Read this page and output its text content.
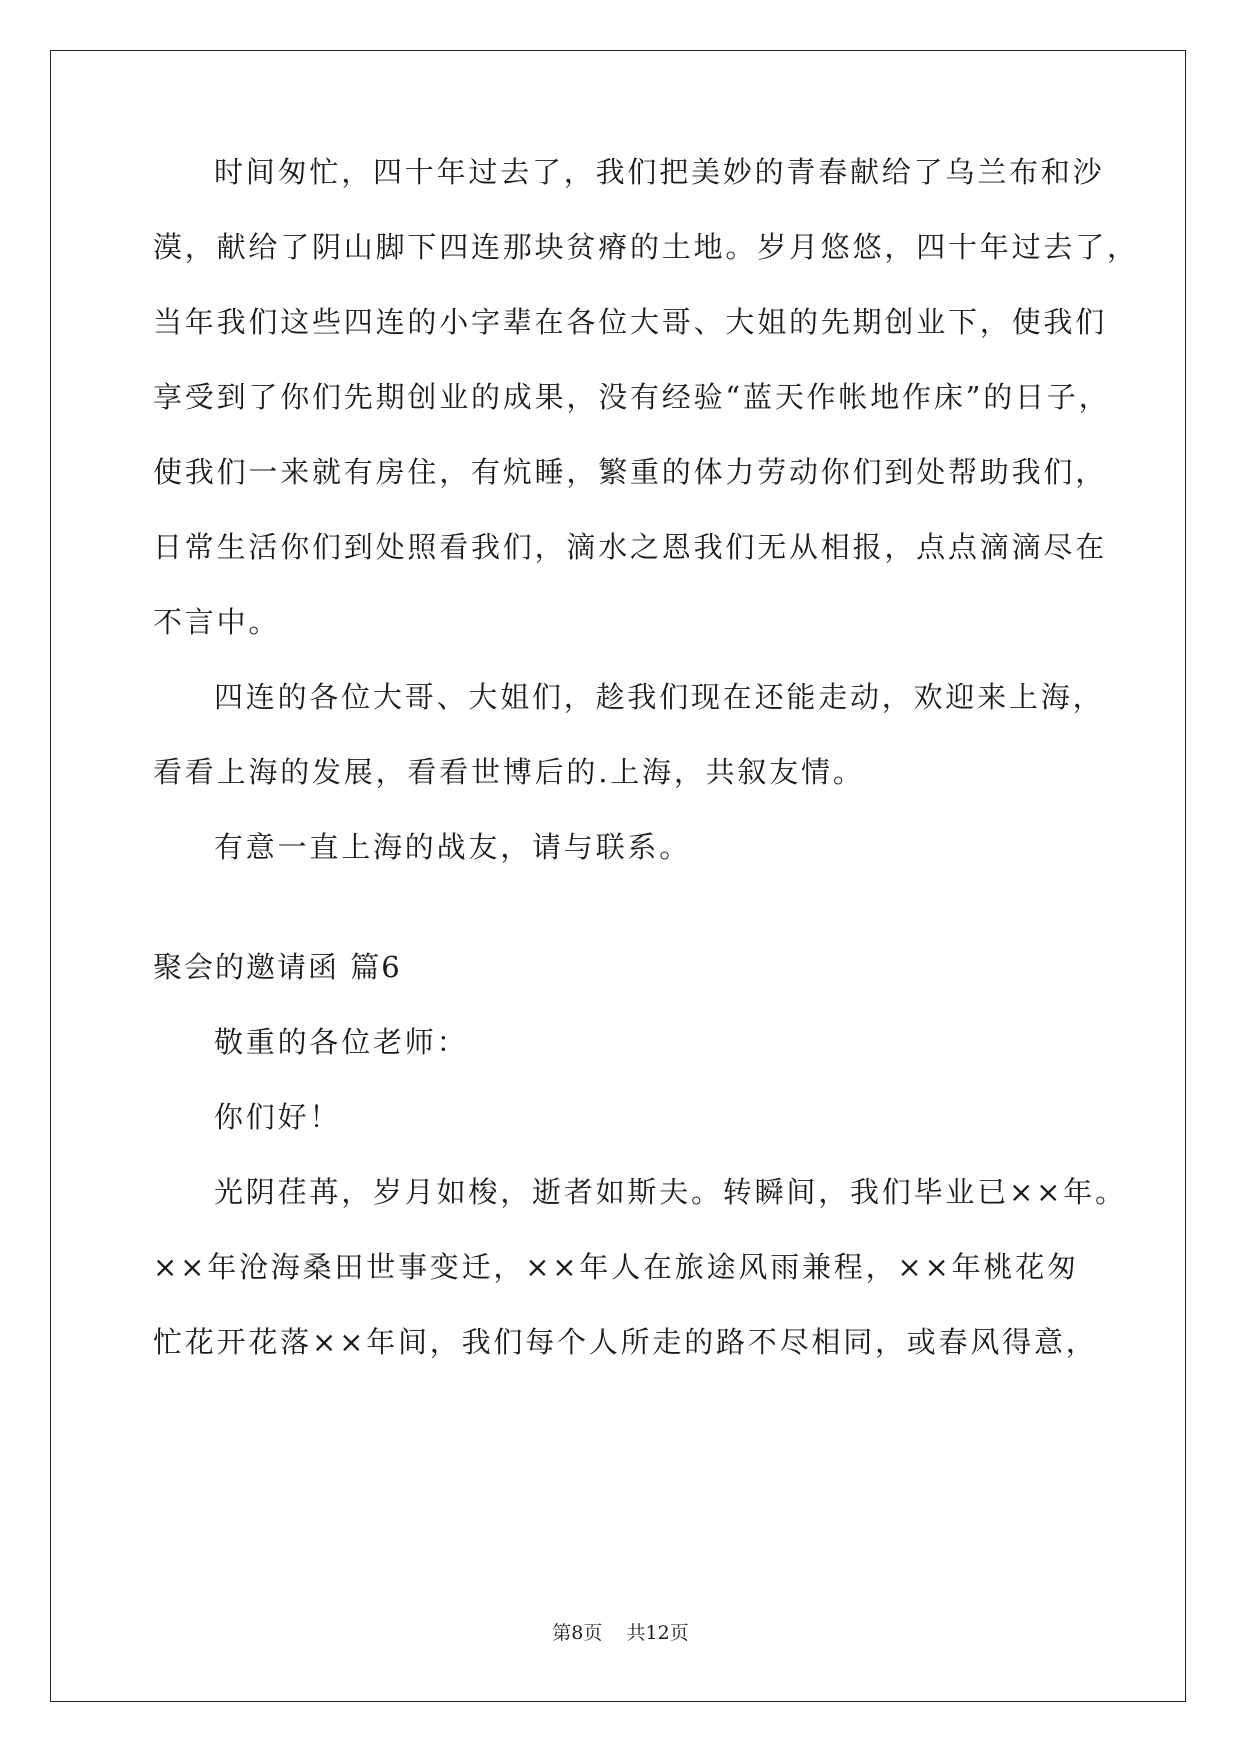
时间匆忙，四十年过去了，我们把美妙的青春献给了乌兰布和沙
漠，献给了阴山脚下四连那块贫瘠的土地。岁月悠悠，四十年过去了，
当年我们这些四连的小字辈在各位大哥、大姐的先期创业下，使我们
享受到了你们先期创业的成果，没有经验“蓝天作帐地作床”的日子，
使我们一来就有房住，有炕睡，繁重的体力劳动你们到处帮助我们，
日常生活你们到处照看我们，滴水之恩我们无从相报，点点滴滴尽在
不言中。
四连的各位大哥、大姐们，趁我们现在还能走动，欢迎来上海，
看看上海的发展，看看世博后的.上海，共叙友情。
有意一直上海的战友，请与联系。
聚会的邀请函 篇6
敬重的各位老师：
你们好！
光阴荏苒，岁月如梭，逝者如斯夫。转瞬间，我们毕业已××年。
××年沧海桑田世事变迁，××年人在旅途风雨兼程，××年桃花匆
忙花开花落××年间，我们每个人所走的路不尽相同，或春风得意，
第8页    共12页
